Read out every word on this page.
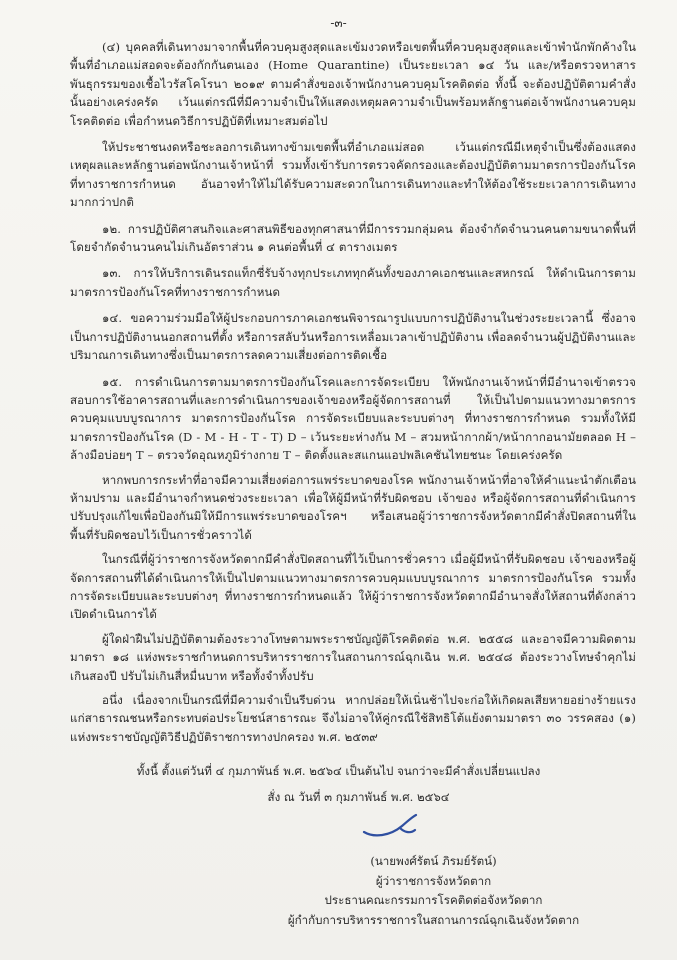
-๓-

(๔) บุคคลที่เดินทางมาจากพื้นที่ควบคุมสูงสุดและเข้มงวดหรือเขตพื้นที่ควบคุมสูงสุดและเข้าพำนักพักค้างในพื้นที่อำเภอแม่สอดจะต้องกักกันตนเอง (Home Quarantine) เป็นระยะเวลา ๑๔ วัน และ/หรือตรวจหาสารพันธุกรรมของเชื้อไวรัสโคโรนา ๒๐๑๙ ตามคำสั่งของเจ้าพนักงานควบคุมโรคติดต่อ ทั้งนี้ จะต้องปฏิบัติตามคำสั่งนั้นอย่างเคร่งครัด เว้นแต่กรณีที่มีความจำเป็นให้แสดงเหตุผลความจำเป็นพร้อมหลักฐานต่อเจ้าพนักงานควบคุมโรคติดต่อ เพื่อกำหนดวิธีการปฏิบัติที่เหมาะสมต่อไป

ให้ประชาชนงดหรือชะลอการเดินทางข้ามเขตพื้นที่อำเภอแม่สอด เว้นแต่กรณีมีเหตุจำเป็นซึ่งต้องแสดงเหตุผลและหลักฐานต่อพนักงานเจ้าหน้าที่ รวมทั้งเข้ารับการตรวจคัดกรองและต้องปฏิบัติตามมาตรการป้องกันโรคที่ทางราชการกำหนด อันอาจทำให้ไม่ได้รับความสะดวกในการเดินทางและทำให้ต้องใช้ระยะเวลาการเดินทางมากกว่าปกติ

๑๒. การปฏิบัติศาสนกิจและศาสนพิธีของทุกศาสนาที่มีการรวมกลุ่มคน ต้องจำกัดจำนวนคนตามขนาดพื้นที่ โดยจำกัดจำนวนคนไม่เกินอัตราส่วน ๑ คนต่อพื้นที่ ๔ ตารางเมตร

๑๓. การให้บริการเดินรถแท็กซี่รับจ้างทุกประเภททุกคันทั้งของภาคเอกชนและสหกรณ์ ให้ดำเนินการตามมาตรการป้องกันโรคที่ทางราชการกำหนด

๑๔. ขอความร่วมมือให้ผู้ประกอบการภาคเอกชนพิจารณารูปแบบการปฏิบัติงานในช่วงระยะเวลานี้ ซึ่งอาจเป็นการปฏิบัติงานนอกสถานที่ตั้ง หรือการสลับวันหรือการเหลื่อมเวลาเข้าปฏิบัติงาน เพื่อลดจำนวนผู้ปฏิบัติงานและปริมาณการเดินทางซึ่งเป็นมาตรการลดความเสี่ยงต่อการติดเชื้อ

๑๕. การดำเนินการตามมาตรการป้องกันโรคและการจัดระเบียบ ให้พนักงานเจ้าหน้าที่มีอำนาจเข้าตรวจสอบการใช้อาคารสถานที่และการดำเนินการของเจ้าของหรือผู้จัดการสถานที่ ให้เป็นไปตามแนวทางมาตรการควบคุมแบบบูรณาการ มาตรการป้องกันโรค การจัดระเบียบและระบบต่างๆ ที่ทางราชการกำหนด รวมทั้งให้มีมาตรการป้องกันโรค (D - M - H - T - T) D – เว้นระยะห่างกัน M – สวมหน้ากากผ้า/หน้ากากอนามัยตลอด H – ล้างมือบ่อยๆ T – ตรวจวัดอุณหภูมิร่างกาย T – ติดตั้งและสแกนแอปพลิเคชันไทยชนะ โดยเคร่งครัด

หากพบการกระทำที่อาจมีความเสี่ยงต่อการแพร่ระบาดของโรค พนักงานเจ้าหน้าที่อาจให้คำแนะนำตักเตือน ห้ามปราม และมีอำนาจกำหนดช่วงระยะเวลา เพื่อให้ผู้มีหน้าที่รับผิดชอบ เจ้าของ หรือผู้จัดการสถานที่ดำเนินการปรับปรุงแก้ไขเพื่อป้องกันมิให้มีการแพร่ระบาดของโรคฯ หรือเสนอผู้ว่าราชการจังหวัดตากมีคำสั่งปิดสถานที่ในพื้นที่รับผิดชอบไว้เป็นการชั่วคราวได้

ในกรณีที่ผู้ว่าราชการจังหวัดตากมีคำสั่งปิดสถานที่ไว้เป็นการชั่วคราว เมื่อผู้มีหน้าที่รับผิดชอบ เจ้าของหรือผู้จัดการสถานที่ได้ดำเนินการให้เป็นไปตามแนวทางมาตรการควบคุมแบบบูรณาการ มาตรการป้องกันโรค รวมทั้งการจัดระเบียบและระบบต่างๆ ที่ทางราชการกำหนดแล้ว ให้ผู้ว่าราชการจังหวัดตากมีอำนาจสั่งให้สถานที่ดังกล่าวเปิดดำเนินการได้

ผู้ใดฝ่าฝืนไม่ปฏิบัติตามต้องระวางโทษตามพระราชบัญญัติโรคติดต่อ พ.ศ. ๒๕๕๘ และอาจมีความผิดตามมาตรา ๑๘ แห่งพระราชกำหนดการบริหารราชการในสถานการณ์ฉุกเฉิน พ.ศ. ๒๕๔๘ ต้องระวางโทษจำคุกไม่เกินสองปี ปรับไม่เกินสี่หมื่นบาท หรือทั้งจำทั้งปรับ

อนึ่ง เนื่องจากเป็นกรณีที่มีความจำเป็นรีบด่วน หากปล่อยให้เนิ่นช้าไปจะก่อให้เกิดผลเสียหายอย่างร้ายแรงแก่สาธารณชนหรือกระทบต่อประโยชน์สาธารณะ จึงไม่อาจให้คู่กรณีใช้สิทธิโต้แย้งตามมาตรา ๓๐ วรรคสอง (๑) แห่งพระราชบัญญัติวิธีปฏิบัติราชการทางปกครอง พ.ศ. ๒๕๓๙

ทั้งนี้ ตั้งแต่วันที่ ๔ กุมภาพันธ์ พ.ศ. ๒๕๖๔ เป็นต้นไป จนกว่าจะมีคำสั่งเปลี่ยนแปลง
สั่ง ณ วันที่ ๓ กุมภาพันธ์ พ.ศ. ๒๕๖๔
(นายพงศ์รัตน์ ภิรมย์รัตน์)
ผู้ว่าราชการจังหวัดตาก
ประธานคณะกรรมการโรคติดต่อจังหวัดตาก
ผู้กำกับการบริหารราชการในสถานการณ์ฉุกเฉินจังหวัดตาก
